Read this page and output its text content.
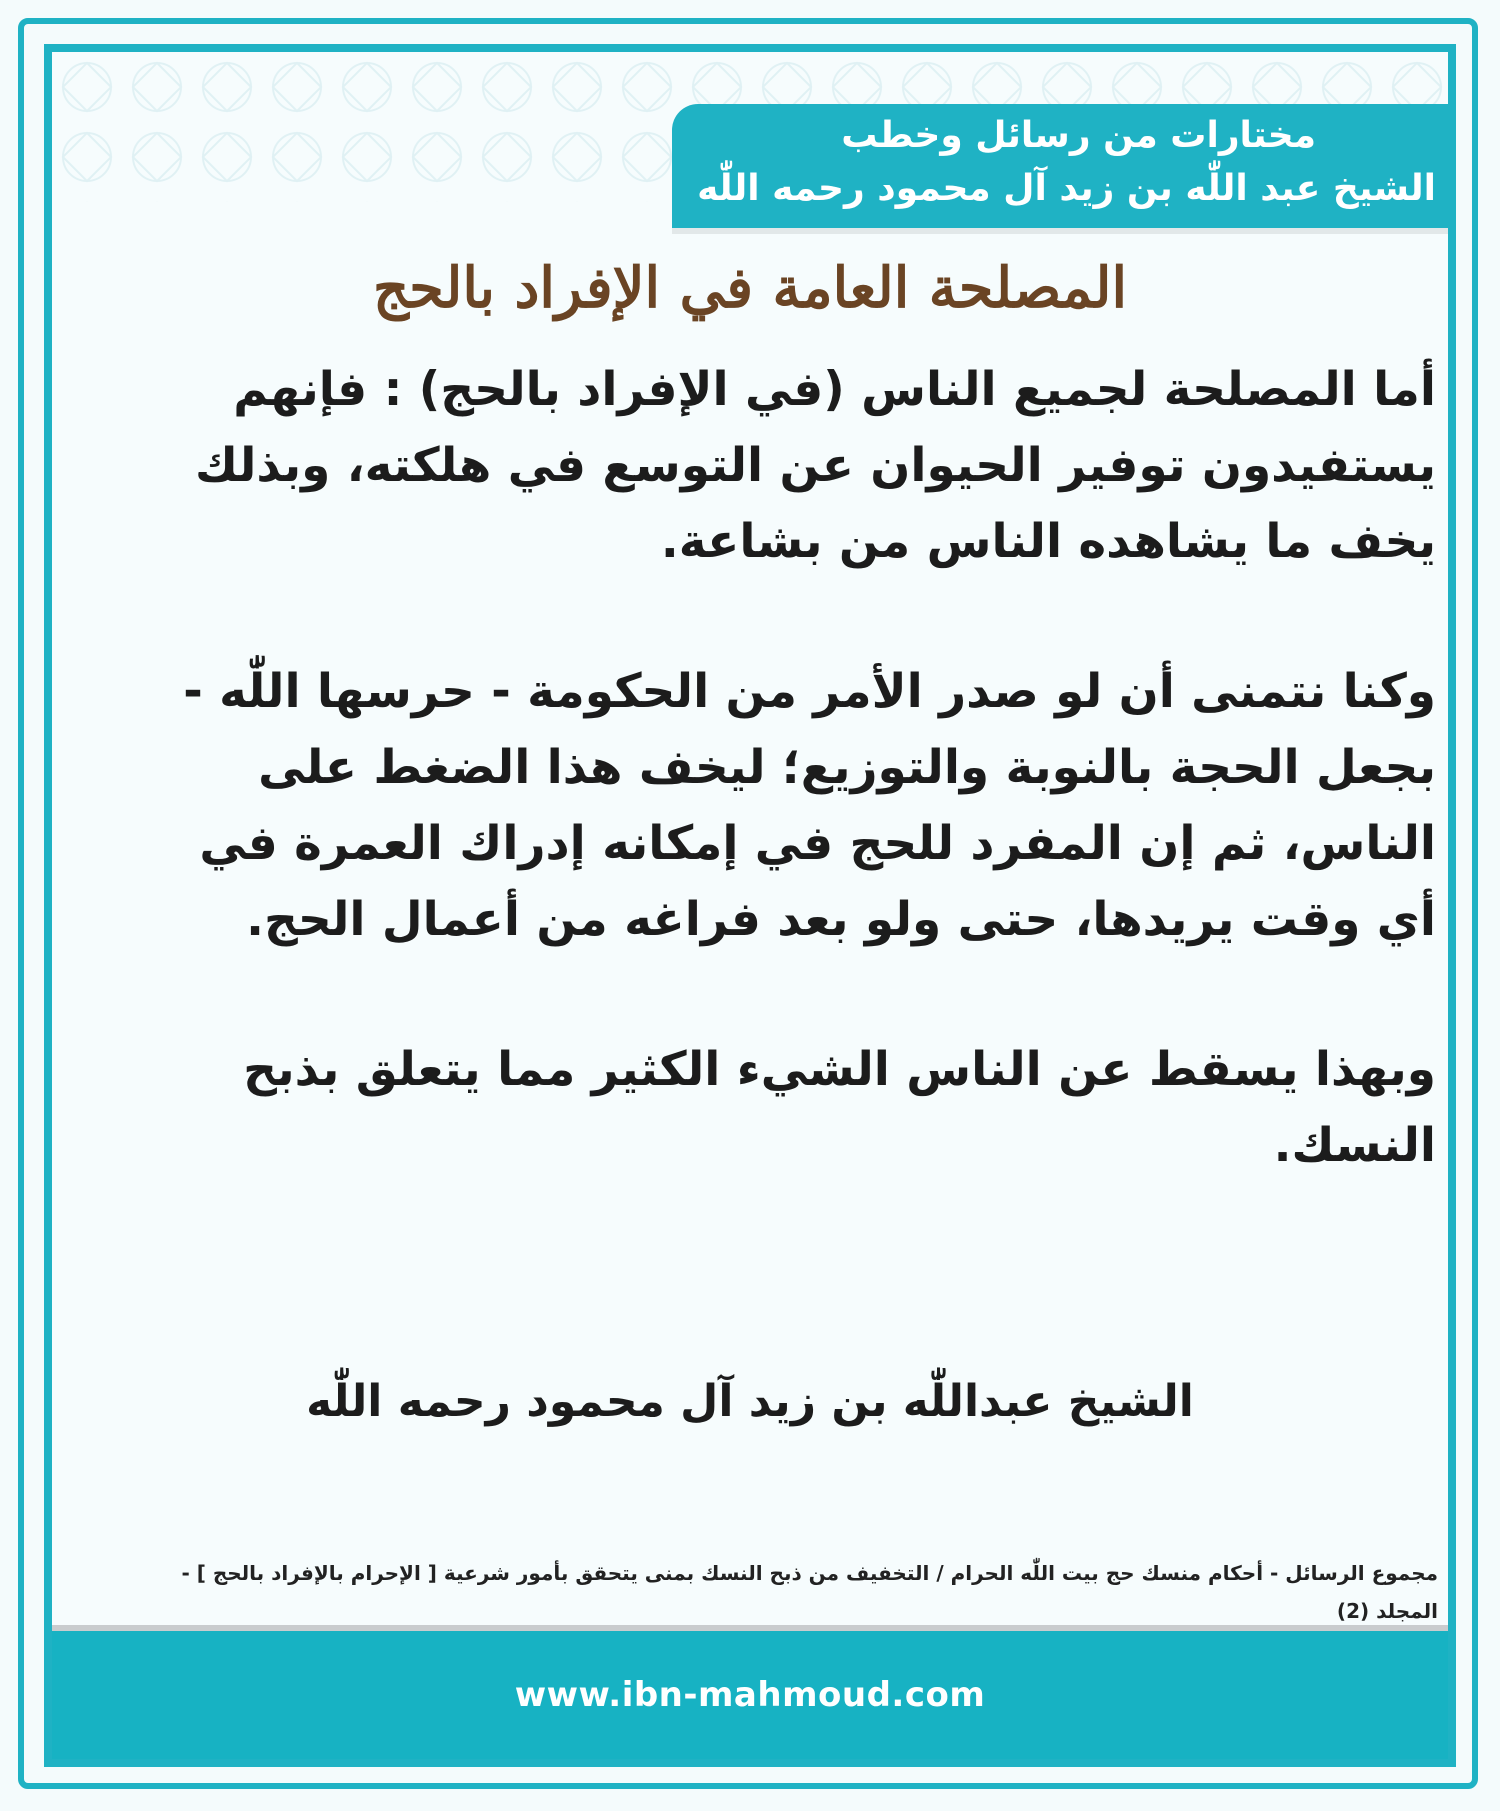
مختارات من رسائل وخطب
الشيخ عبد اللّٰه بن زيد آل محمود رحمه اللّٰه
المصلحة العامة في الإفراد بالحج

أما المصلحة لجميع الناس (في الإفراد بالحج) : فإنهم يستفيدون توفير الحيوان عن التوسع في هلكته، وبذلك يخف ما يشاهده الناس من بشاعة.

وكنا نتمنى أن لو صدر الأمر من الحكومة - حرسها اللّٰه - بجعل الحجة بالنوبة والتوزيع؛ ليخف هذا الضغط على الناس، ثم إن المفرد للحج في إمكانه إدراك العمرة في أي وقت يريدها، حتى ولو بعد فراغه من أعمال الحج.

وبهذا يسقط عن الناس الشيء الكثير مما يتعلق بذبح النسك.

الشيخ عبداللّٰه بن زيد آل محمود رحمه اللّٰه
مجموع الرسائل - أحكام منسك حج بيت اللّٰه الحرام / التخفيف من ذبح النسك بمنى يتحقق بأمور شرعية [ الإحرام بالإفراد بالحج ] - المجلد (2)
www.ibn-mahmoud.com
